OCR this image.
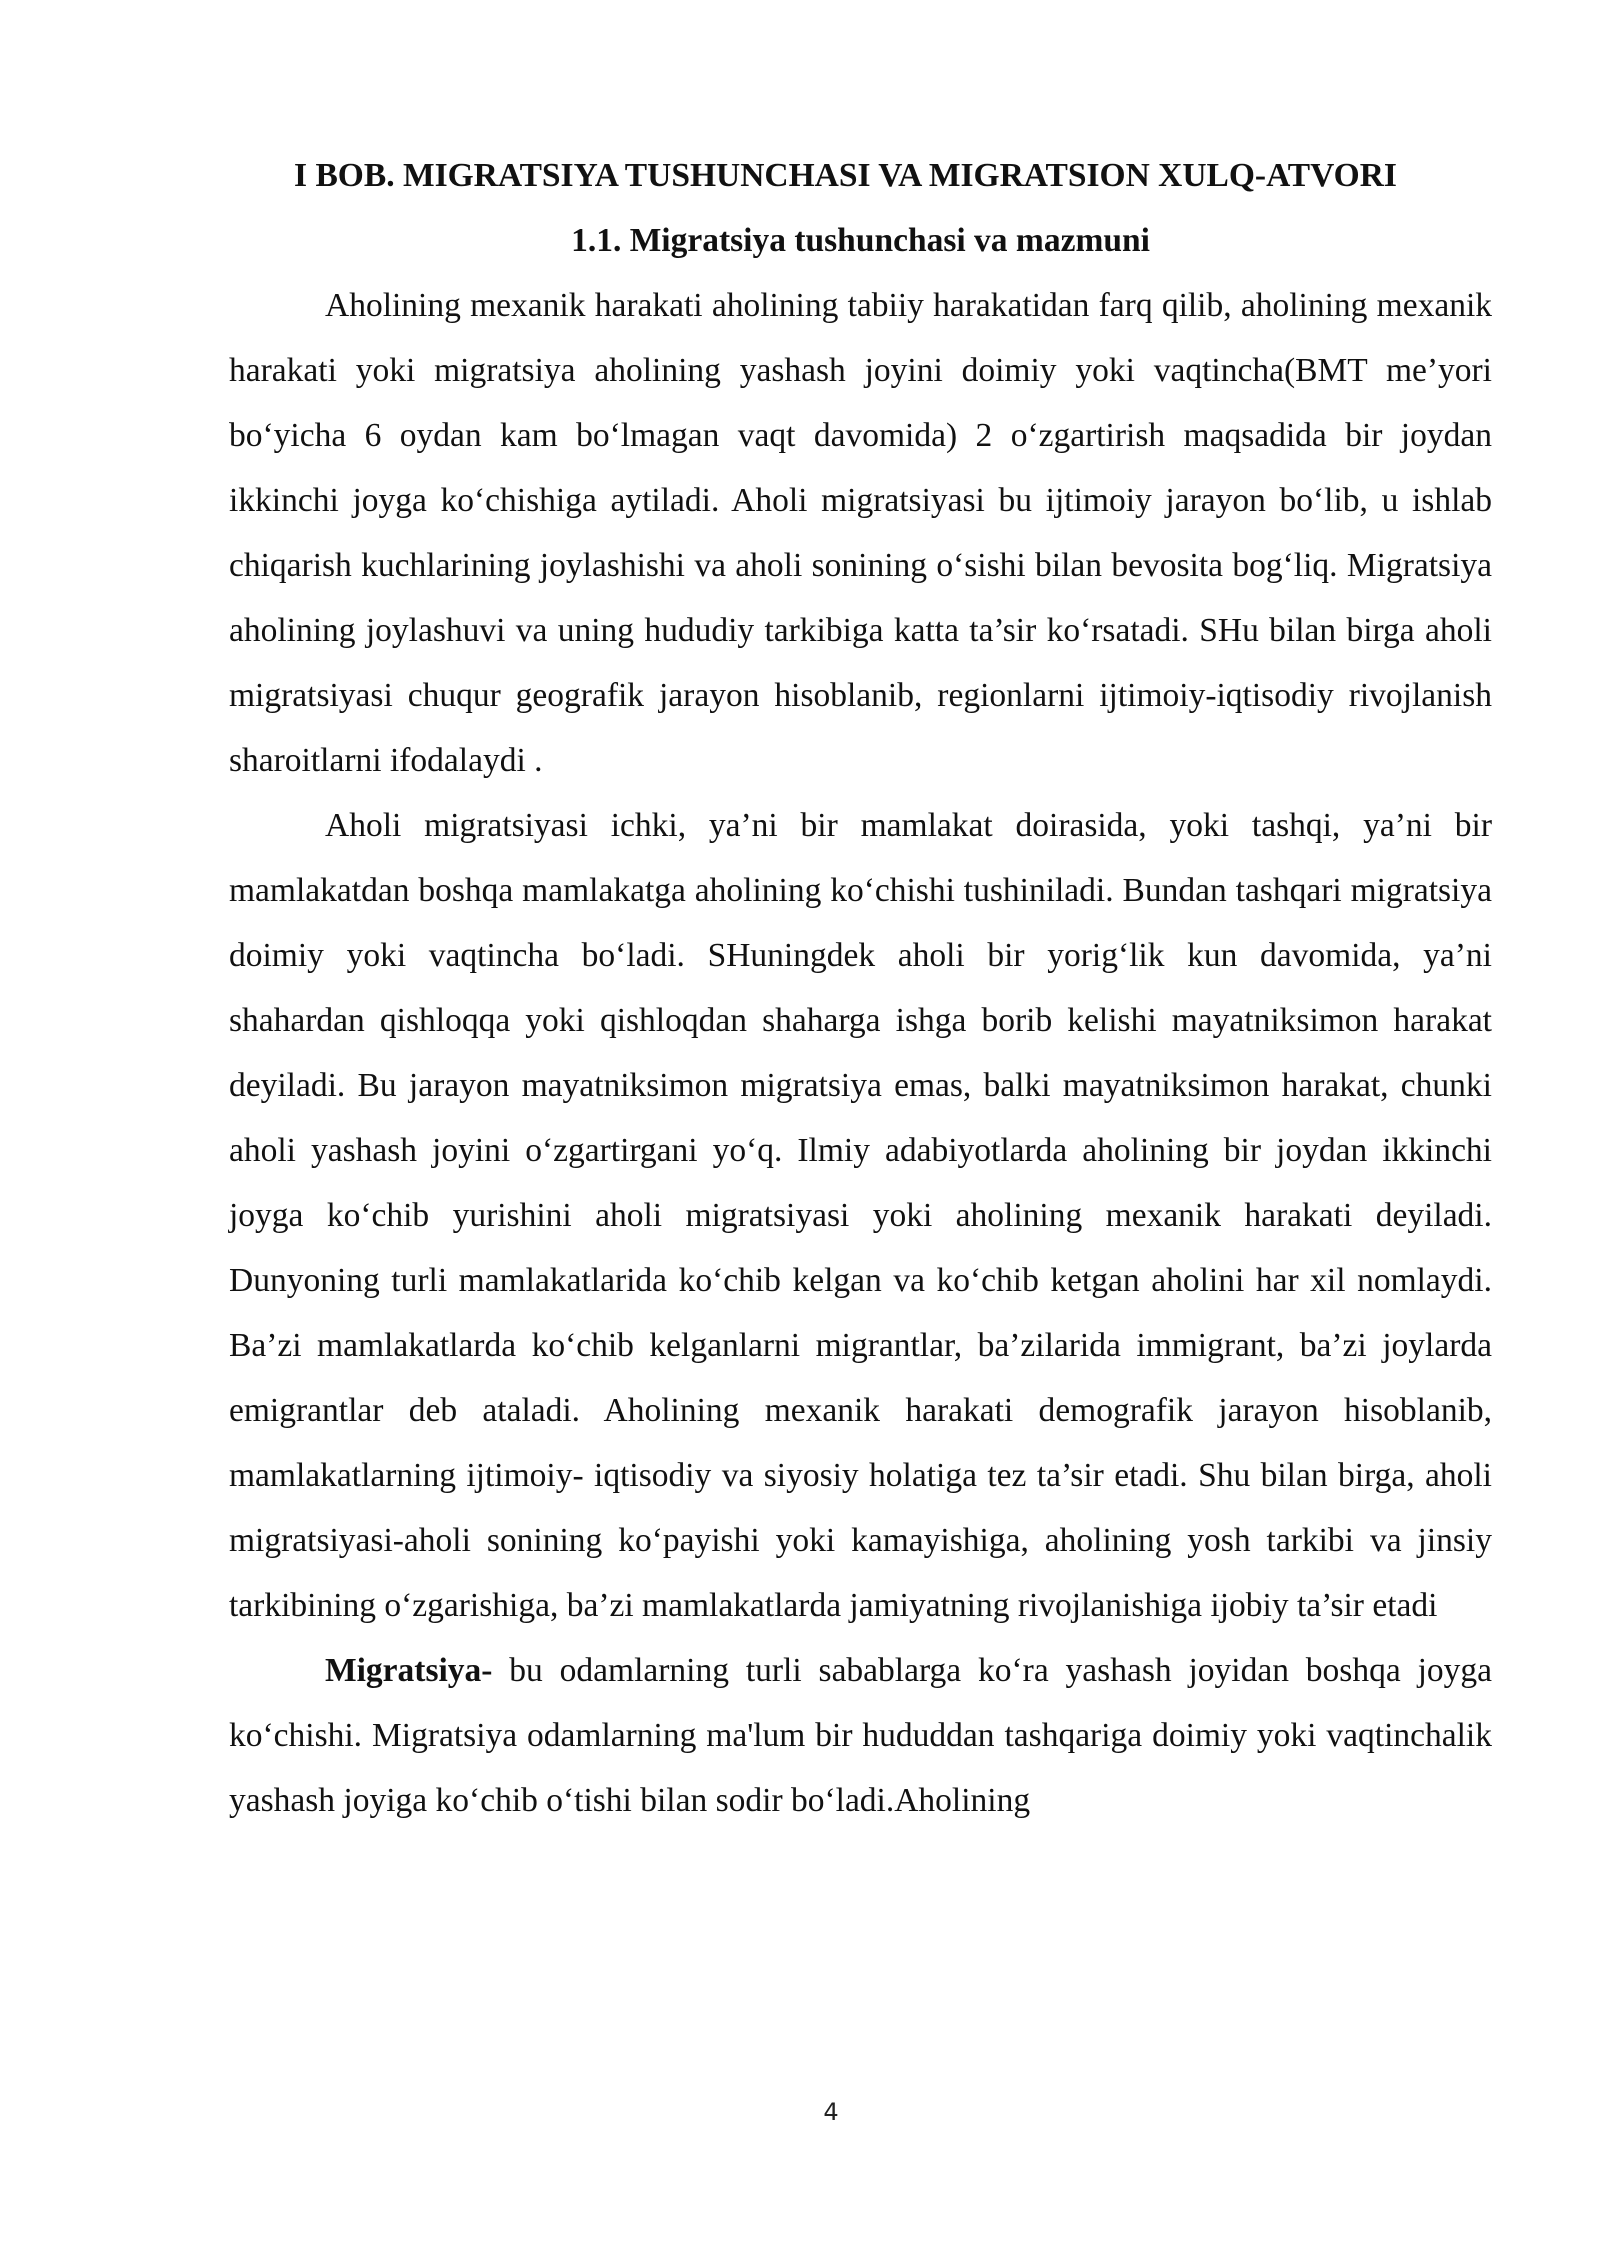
I BOB. MIGRATSIYA TUSHUNCHASI VA MIGRATSION XULQ-ATVORI
1.1. Migratsiya tushunchasi va mazmuni

Aholining mexanik harakati aholining tabiiy harakatidan farq qilib, aholining mexanik harakati yoki migratsiya aholining yashash joyini doimiy yoki vaqtincha(BMT me’yori bo‘yicha 6 oydan kam bo‘lmagan vaqt davomida) 2 o‘zgartirish maqsadida bir joydan ikkinchi joyga ko‘chishiga aytiladi. Aholi migratsiyasi bu ijtimoiy jarayon bo‘lib, u ishlab chiqarish kuchlarining joylashishi va aholi sonining o‘sishi bilan bevosita bog‘liq. Migratsiya aholining joylashuvi va uning hududiy tarkibiga katta ta’sir ko‘rsatadi. SHu bilan birga aholi migratsiyasi chuqur geografik jarayon hisoblanib, regionlarni ijtimoiy-iqtisodiy rivojlanish sharoitlarni ifodalaydi .

Aholi migratsiyasi ichki, ya’ni bir mamlakat doirasida, yoki tashqi, ya’ni bir mamlakatdan boshqa mamlakatga aholining ko‘chishi tushiniladi. Bundan tashqari migratsiya doimiy yoki vaqtincha bo‘ladi. SHuningdek aholi bir yorig‘lik kun davomida, ya’ni shahardan qishloqqa yoki qishloqdan shaharga ishga borib kelishi mayatniksimon harakat deyiladi. Bu jarayon mayatniksimon migratsiya emas, balki mayatniksimon harakat, chunki aholi yashash joyini o‘zgartirgani yo‘q. Ilmiy adabiyotlarda aholining bir joydan ikkinchi joyga ko‘chib yurishini aholi migratsiyasi yoki aholining mexanik harakati deyiladi. Dunyoning turli mamlakatlarida ko‘chib kelgan va ko‘chib ketgan aholini har xil nomlaydi. Ba’zi mamlakatlarda ko‘chib kelganlarni migrantlar, ba’zilarida immigrant, ba’zi joylarda emigrantlar deb ataladi. Aholining mexanik harakati demografik jarayon hisoblanib, mamlakatlarning ijtimoiy- iqtisodiy va siyosiy holatiga tez ta’sir etadi. Shu bilan birga, aholi migratsiyasi-aholi sonining ko‘payishi yoki kamayishiga, aholining yosh tarkibi va jinsiy tarkibining o‘zgarishiga, ba’zi mamlakatlarda jamiyatning rivojlanishiga ijobiy ta’sir etadi

Migratsiya- bu odamlarning turli sabablarga ko‘ra yashash joyidan boshqa joyga ko‘chishi. Migratsiya odamlarning ma'lum bir hududdan tashqariga doimiy yoki vaqtinchalik yashash joyiga ko‘chib o‘tishi bilan sodir bo‘ladi.Aholining

4
